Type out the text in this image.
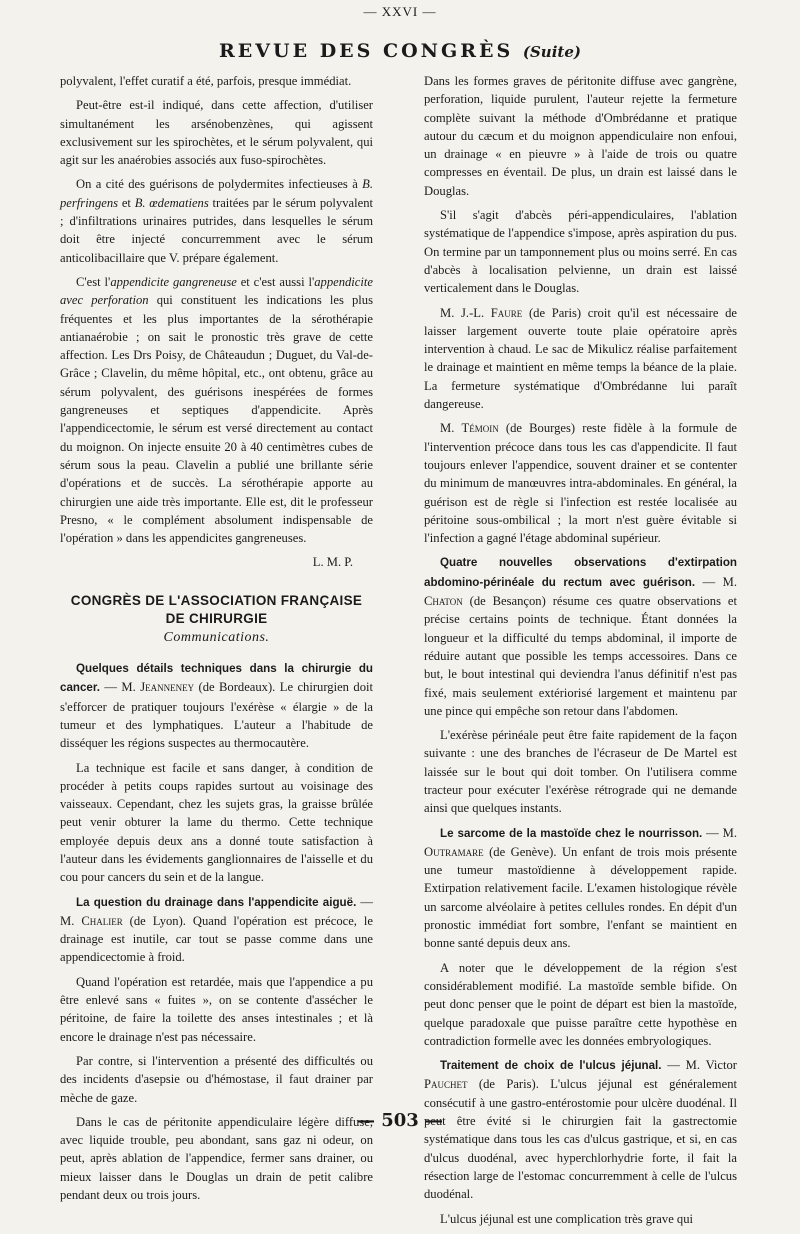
— XXVI —
REVUE DES CONGRÈS (Suite)

polyvalent, l'effet curatif a été, parfois, presque immédiat.

Peut-être est-il indiqué, dans cette affection, d'utiliser simultanément les arsénobenzènes, qui agissent exclusivement sur les spirochètes, et le sérum polyvalent, qui agit sur les anaérobies associés aux fuso-spirochètes.

On a cité des guérisons de polydermites infectieuses à B. perfringens et B. œdematiens traitées par le sérum polyvalent ; d'infiltrations urinaires putrides, dans lesquelles le sérum doit être injecté concurremment avec le sérum anticolibacillaire que V. prépare également.

C'est l'appendicite gangreneuse et c'est aussi l'appendicite avec perforation qui constituent les indications les plus fréquentes et les plus importantes de la sérothérapie antianaérobie ; on sait le pronostic très grave de cette affection. Les Drs Poisy, de Châteaudun ; Duguet, du Val-de-Grâce ; Clavelin, du même hôpital, etc., ont obtenu, grâce au sérum polyvalent, des guérisons inespérées de formes gangreneuses et septiques d'appendicite. Après l'appendicectomie, le sérum est versé directement au contact du moignon. On injecte ensuite 20 à 40 centimètres cubes de sérum sous la peau. Clavelin a publié une brillante série d'opérations et de succès. La sérothérapie apporte au chirurgien une aide très importante. Elle est, dit le professeur Presno, « le complément absolument indispensable de l'opération » dans les appendicites gangreneuses.

L. M. P.
CONGRÈS DE L'ASSOCIATION FRANÇAISE DE CHIRURGIE
Communications.

Quelques détails techniques dans la chirurgie du cancer. — M. Jeanneney (de Bordeaux). Le chirurgien doit s'efforcer de pratiquer toujours l'exérèse « élargie » de la tumeur et des lymphatiques. L'auteur a l'habitude de disséquer les régions suspectes au thermocautère.

La technique est facile et sans danger, à condition de procéder à petits coups rapides surtout au voisinage des vaisseaux. Cependant, chez les sujets gras, la graisse brûlée peut venir obturer la lame du thermo. Cette technique employée depuis deux ans a donné toute satisfaction à l'auteur dans les évidements ganglionnaires de l'aisselle et du cou pour cancers du sein et de la langue.

La question du drainage dans l'appendicite aiguë. — M. Chalier (de Lyon). Quand l'opération est précoce, le drainage est inutile, car tout se passe comme dans une appendicectomie à froid.

Quand l'opération est retardée, mais que l'appendice a pu être enlevé sans « fuites », on se contente d'assécher le péritoine, de faire la toilette des anses intestinales ; et là encore le drainage n'est pas nécessaire.

Par contre, si l'intervention a présenté des difficultés ou des incidents d'asepsie ou d'hémostase, il faut drainer par mèche de gaze.

Dans le cas de péritonite appendiculaire légère diffuse, avec liquide trouble, peu abondant, sans gaz ni odeur, on peut, après ablation de l'appendice, fermer sans drainer, ou mieux laisser dans le Douglas un drain de petit calibre pendant deux ou trois jours.

Dans les formes graves de péritonite diffuse avec gangrène, perforation, liquide purulent, l'auteur rejette la fermeture complète suivant la méthode d'Ombrédanne et pratique autour du cæcum et du moignon appendiculaire non enfoui, un drainage « en pieuvre » à l'aide de trois ou quatre compresses en éventail. De plus, un drain est laissé dans le Douglas.

S'il s'agit d'abcès péri-appendiculaires, l'ablation systématique de l'appendice s'impose, après aspiration du pus. On termine par un tamponnement plus ou moins serré. En cas d'abcès à localisation pelvienne, un drain est laissé verticalement dans le Douglas.

M. J.-L. Faure (de Paris) croit qu'il est nécessaire de laisser largement ouverte toute plaie opératoire après intervention à chaud. Le sac de Mikulicz réalise parfaitement le drainage et maintient en même temps la béance de la plaie. La fermeture systématique d'Ombrédanne lui paraît dangereuse.

M. Témoin (de Bourges) reste fidèle à la formule de l'intervention précoce dans tous les cas d'appendicite. Il faut toujours enlever l'appendice, souvent drainer et se contenter du minimum de manœuvres intra-abdominales. En général, la guérison est de règle si l'infection est restée localisée au péritoine sous-ombilical ; la mort n'est guère évitable si l'infection a gagné l'étage abdominal supérieur.

Quatre nouvelles observations d'extirpation abdomino-périnéale du rectum avec guérison. — M. Chaton (de Besançon) résume ces quatre observations et précise certains points de technique. Étant données la longueur et la difficulté du temps abdominal, il importe de réduire autant que possible les temps accessoires. Dans ce but, le bout intestinal qui deviendra l'anus définitif n'est pas fixé, mais seulement extériorisé largement et maintenu par une pince qui empêche son retour dans l'abdomen.

L'exérèse périnéale peut être faite rapidement de la façon suivante : une des branches de l'écraseur de De Martel est laissée sur le bout qui doit tomber. On l'utilisera comme tracteur pour exécuter l'exérèse rétrograde qui ne demande ainsi que quelques instants.

Le sarcome de la mastoïde chez le nourrisson. — M. Outramare (de Genève). Un enfant de trois mois présente une tumeur mastoïdienne à développement rapide. Extirpation relativement facile. L'examen histologique révèle un sarcome alvéolaire à petites cellules rondes. En dépit d'un pronostic immédiat fort sombre, l'enfant se maintient en bonne santé depuis deux ans.

A noter que le développement de la région s'est considérablement modifié. La mastoïde semble bifide. On peut donc penser que le point de départ est bien la mastoïde, quelque paradoxale que puisse paraître cette hypothèse en contradiction formelle avec les données embryologiques.

Traitement de choix de l'ulcus jéjunal. — M. Victor Pauchet (de Paris). L'ulcus jéjunal est généralement consécutif à une gastro-entérostomie pour ulcère duodénal. Il peut être évité si le chirurgien fait la gastrectomie systématique dans tous les cas d'ulcus gastrique, et si, en cas d'ulcus duodénal, avec hyperchlorhydrie forte, il fait la résection large de l'estomac concurremment à celle de l'ulcus duodénal.

L'ulcus jéjunal est une complication très grave qui

— 503 —
